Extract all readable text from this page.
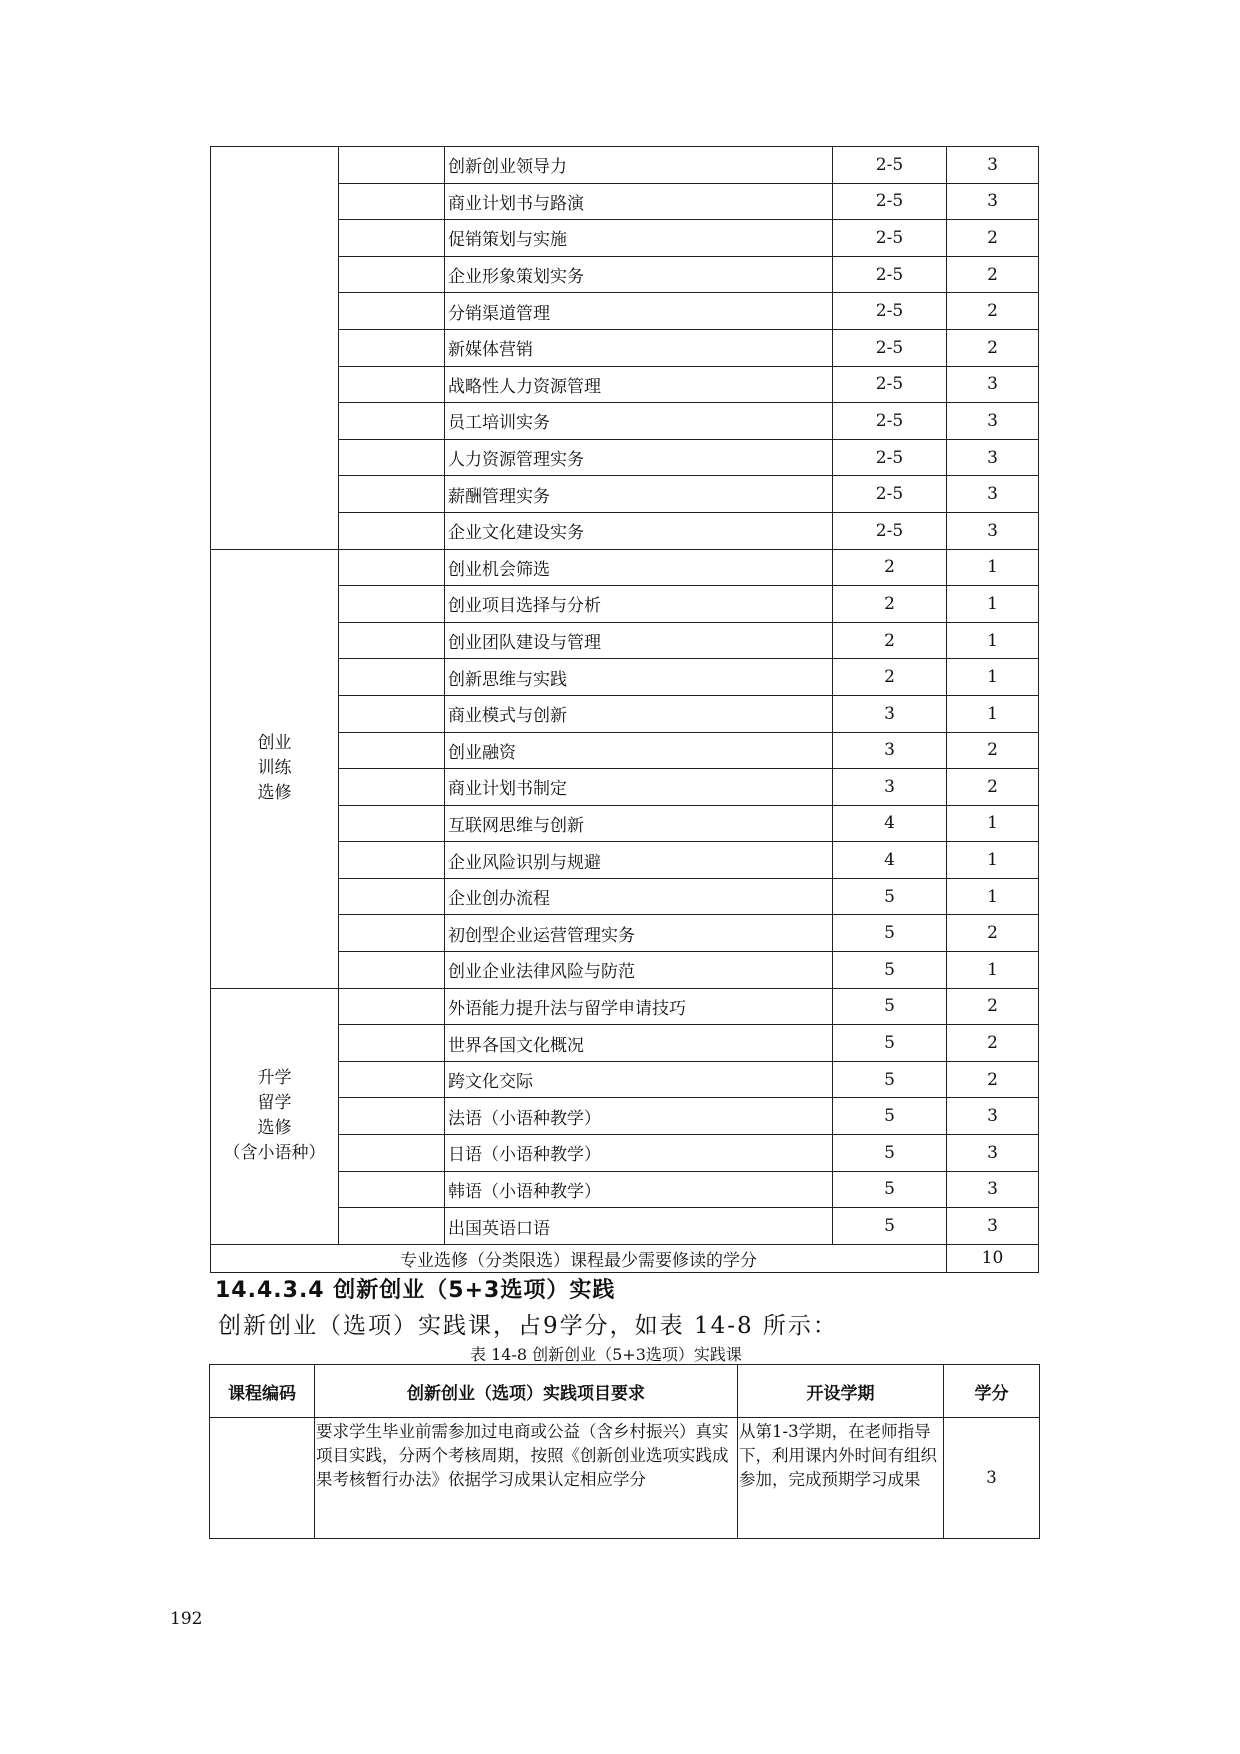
		创新创业领导力	2-5	3
		商业计划书与路演	2-5	3
		促销策划与实施	2-5	2
		企业形象策划实务	2-5	2
		分销渠道管理	2-5	2
		新媒体营销	2-5	2
		战略性人力资源管理	2-5	3
		员工培训实务	2-5	3
		人力资源管理实务	2-5	3
		薪酬管理实务	2-5	3
		企业文化建设实务	2-5	3

创业
训练
选修		创业机会筛选	2	1
		创业项目选择与分析	2	1
		创业团队建设与管理	2	1
		创新思维与实践	2	1
		商业模式与创新	3	1
		创业融资	3	2
		商业计划书制定	3	2
		互联网思维与创新	4	1
		企业风险识别与规避	4	1
		企业创办流程	5	1
		初创型企业运营管理实务	5	2
		创业企业法律风险与防范	5	1

升学
留学
选修
（含小语种）		外语能力提升法与留学申请技巧	5	2
		世界各国文化概况	5	2
		跨文化交际	5	2
		法语（小语种教学）	5	3
		日语（小语种教学）	5	3
		韩语（小语种教学）	5	3
		出国英语口语	5	3
专业选修（分类限选）课程最少需要修读的学分				10
14.4.3.4 创新创业（5+3选项）实践

创新创业（选项）实践课，占9学分，如表 14-8 所示：

表 14-8 创新创业（5+3选项）实践课

课程编码	创新创业（选项）实践项目要求	开设学期	学分
	要求学生毕业前需参加过电商或公益（含乡村振兴）真实项目实践，分两个考核周期，按照《创新创业选项实践成果考核暂行办法》依据学习成果认定相应学分	从第1-3学期，在老师指导下，利用课内外时间有组织参加，完成预期学习成果	3
192
